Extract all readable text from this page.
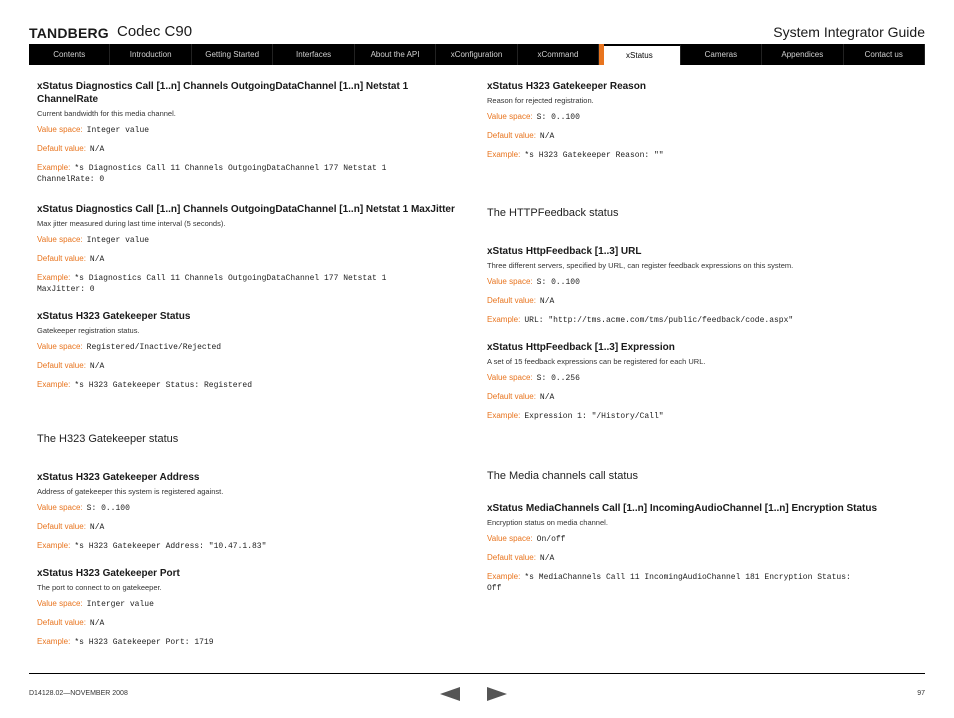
TANDBERG Codec C90	System Integrator Guide
Contents	Introduction	Getting Started	Interfaces	About the API	xConfiguration	xCommand	xStatus	Cameras	Appendices	Contact us

xStatus Diagnostics Call [1..n] Channels OutgoingDataChannel [1..n] Netstat 1 ChannelRate

Current bandwidth for this media channel.

Value space: Integer value

Default value: N/A

Example: *s Diagnostics Call 11 Channels OutgoingDataChannel 177 Netstat 1
ChannelRate: 0

xStatus Diagnostics Call [1..n] Channels OutgoingDataChannel [1..n] Netstat 1 MaxJitter

Max jitter measured during last time interval (5 seconds).

Value space: Integer value

Default value: N/A

Example: *s Diagnostics Call 11 Channels OutgoingDataChannel 177 Netstat 1
MaxJitter: 0

xStatus H323 Gatekeeper Status

Gatekeeper registration status.

Value space: Registered/Inactive/Rejected

Default value: N/A

Example: *s H323 Gatekeeper Status: Registered

The H323 Gatekeeper status

xStatus H323 Gatekeeper Address

Address of gatekeeper this system is registered against.

Value space: S: 0..100

Default value: N/A

Example: *s H323 Gatekeeper Address: "10.47.1.83"

xStatus H323 Gatekeeper Port

The port to connect to on gatekeeper.

Value space: Interger value

Default value: N/A

Example: *s H323 Gatekeeper Port: 1719

xStatus H323 Gatekeeper Reason

Reason for rejected registration.

Value space: S: 0..100

Default value: N/A

Example: *s H323 Gatekeeper Reason: ""

The HTTPFeedback status

xStatus HttpFeedback [1..3] URL

Three different servers, specified by URL, can register feedback expressions on this system.

Value space: S: 0..100

Default value: N/A

Example: URL: "http://tms.acme.com/tms/public/feedback/code.aspx"

xStatus HttpFeedback [1..3] Expression

A set of 15 feedback expressions can be registered for each URL.

Value space: S: 0..256

Default value: N/A

Example: Expression 1: "/History/Call"

The Media channels call status

xStatus MediaChannels Call [1..n] IncomingAudioChannel [1..n] Encryption Status

Encryption status on media channel.

Value space: On/off

Default value: N/A

Example: *s MediaChannels Call 11 IncomingAudioChannel 181 Encryption Status:
Off

D14128.02—NOVEMBER 2008	97
